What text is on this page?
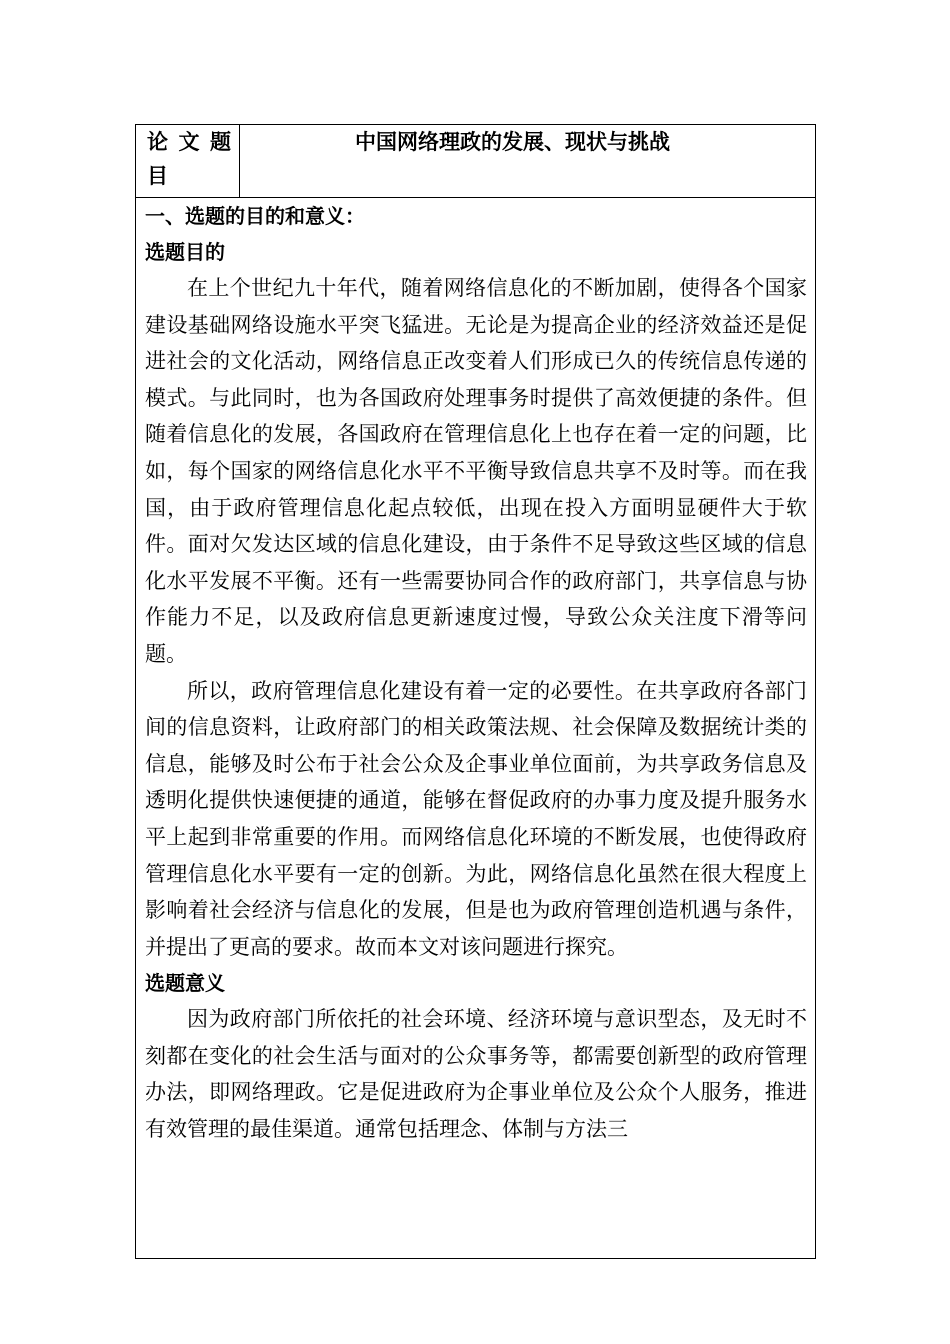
论文题
目
中国网络理政的发展、现状与挑战
一、选题的目的和意义：
选题目的

在上个世纪九十年代，随着网络信息化的不断加剧，使得各个国家建设基础网络设施水平突飞猛进。无论是为提高企业的经济效益还是促进社会的文化活动，网络信息正改变着人们形成已久的传统信息传递的模式。与此同时，也为各国政府处理事务时提供了高效便捷的条件。但随着信息化的发展，各国政府在管理信息化上也存在着一定的问题，比如，每个国家的网络信息化水平不平衡导致信息共享不及时等。而在我国，由于政府管理信息化起点较低，出现在投入方面明显硬件大于软件。面对欠发达区域的信息化建设，由于条件不足导致这些区域的信息化水平发展不平衡。还有一些需要协同合作的政府部门，共享信息与协作能力不足，以及政府信息更新速度过慢，导致公众关注度下滑等问题。

所以，政府管理信息化建设有着一定的必要性。在共享政府各部门间的信息资料，让政府部门的相关政策法规、社会保障及数据统计类的信息，能够及时公布于社会公众及企事业单位面前，为共享政务信息及透明化提供快速便捷的通道，能够在督促政府的办事力度及提升服务水平上起到非常重要的作用。而网络信息化环境的不断发展，也使得政府管理信息化水平要有一定的创新。为此，网络信息化虽然在很大程度上影响着社会经济与信息化的发展，但是也为政府管理创造机遇与条件，并提出了更高的要求。故而本文对该问题进行探究。

选题意义

因为政府部门所依托的社会环境、经济环境与意识型态，及无时不刻都在变化的社会生活与面对的公众事务等，都需要创新型的政府管理办法，即网络理政。它是促进政府为企事业单位及公众个人服务，推进有效管理的最佳渠道。通常包括理念、体制与方法三
